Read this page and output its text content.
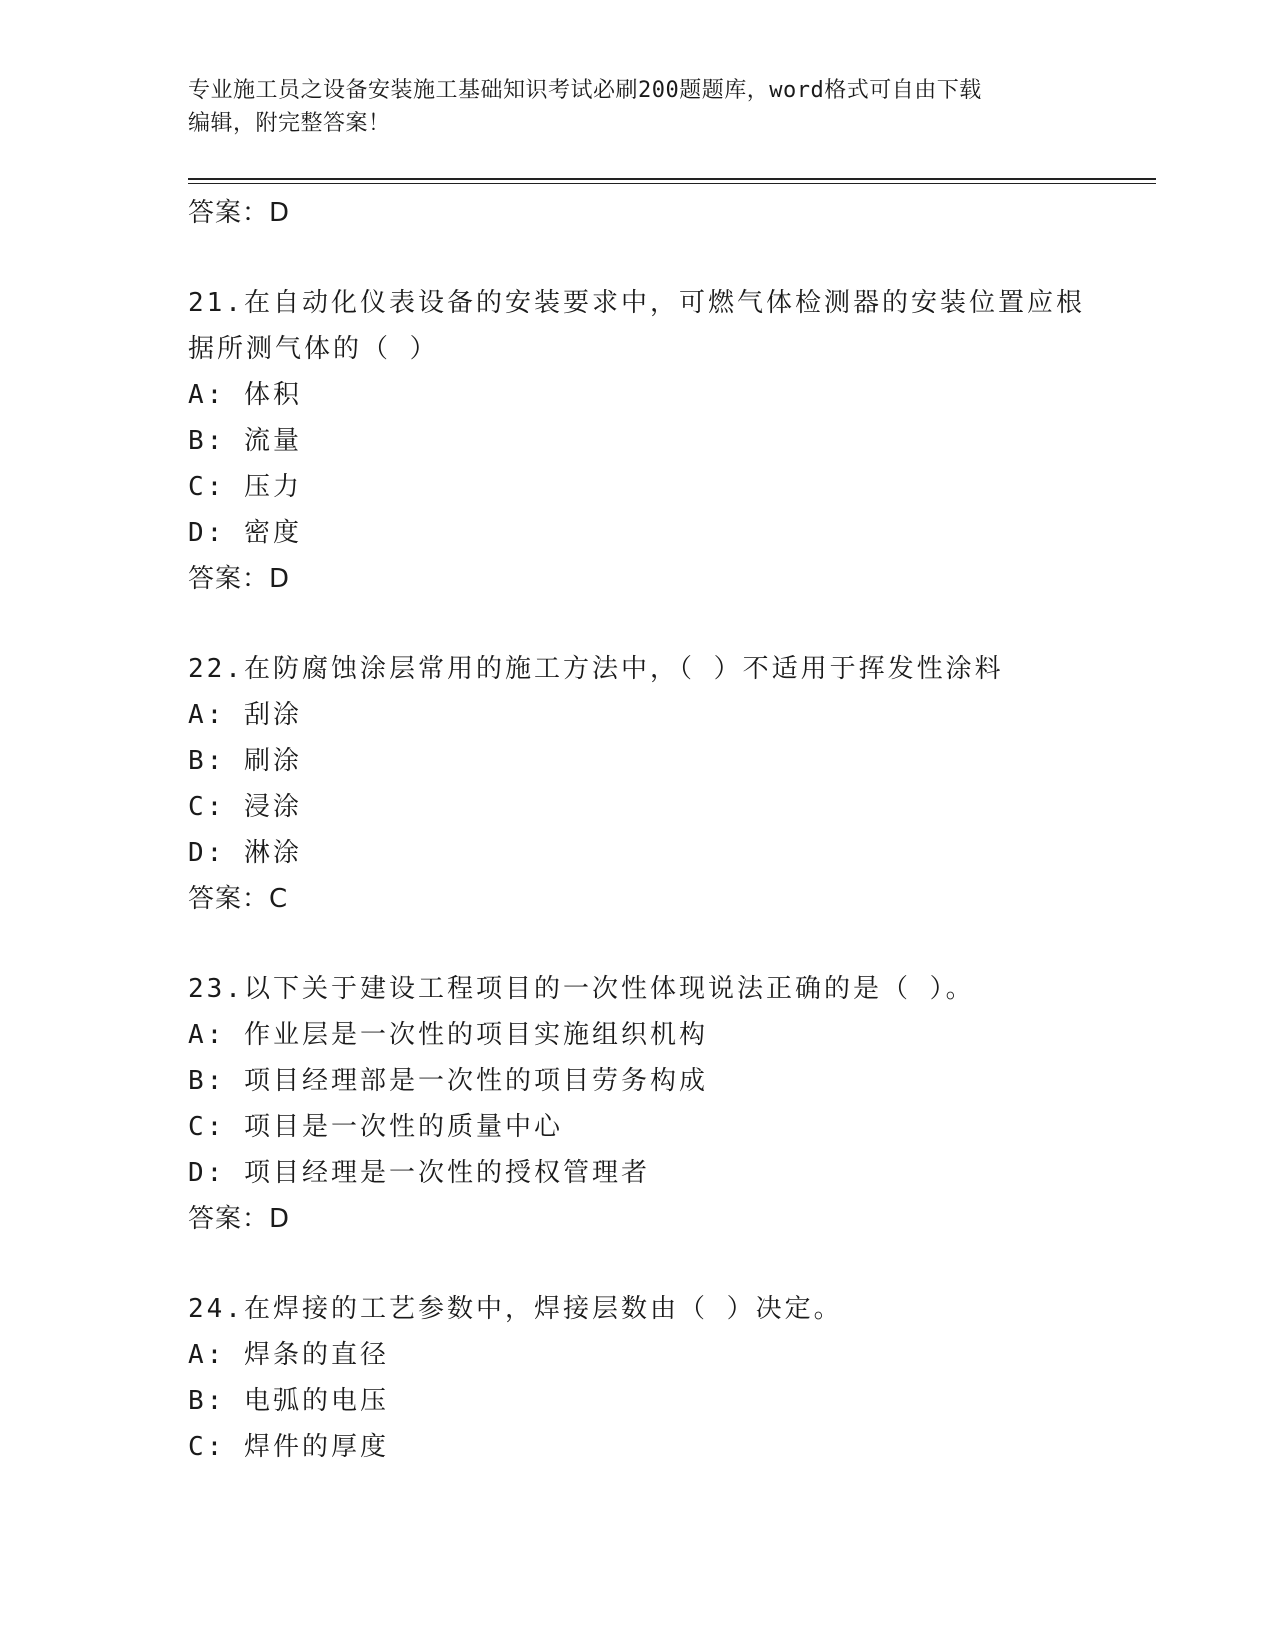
专业施工员之设备安装施工基础知识考试必刷200题题库，word格式可自由下载
编辑，附完整答案！
答案：D
21.在自动化仪表设备的安装要求中，可燃气体检测器的安装位置应根
据所测气体的（ ）
A: 体积
B: 流量
C: 压力
D: 密度
答案：D
22.在防腐蚀涂层常用的施工方法中，（ ）不适用于挥发性涂料
A: 刮涂
B: 刷涂
C: 浸涂
D: 淋涂
答案：C
23.以下关于建设工程项目的一次性体现说法正确的是（ ）。
A: 作业层是一次性的项目实施组织机构
B: 项目经理部是一次性的项目劳务构成
C: 项目是一次性的质量中心
D: 项目经理是一次性的授权管理者
答案：D
24.在焊接的工艺参数中，焊接层数由（ ）决定。
A: 焊条的直径
B: 电弧的电压
C: 焊件的厚度
